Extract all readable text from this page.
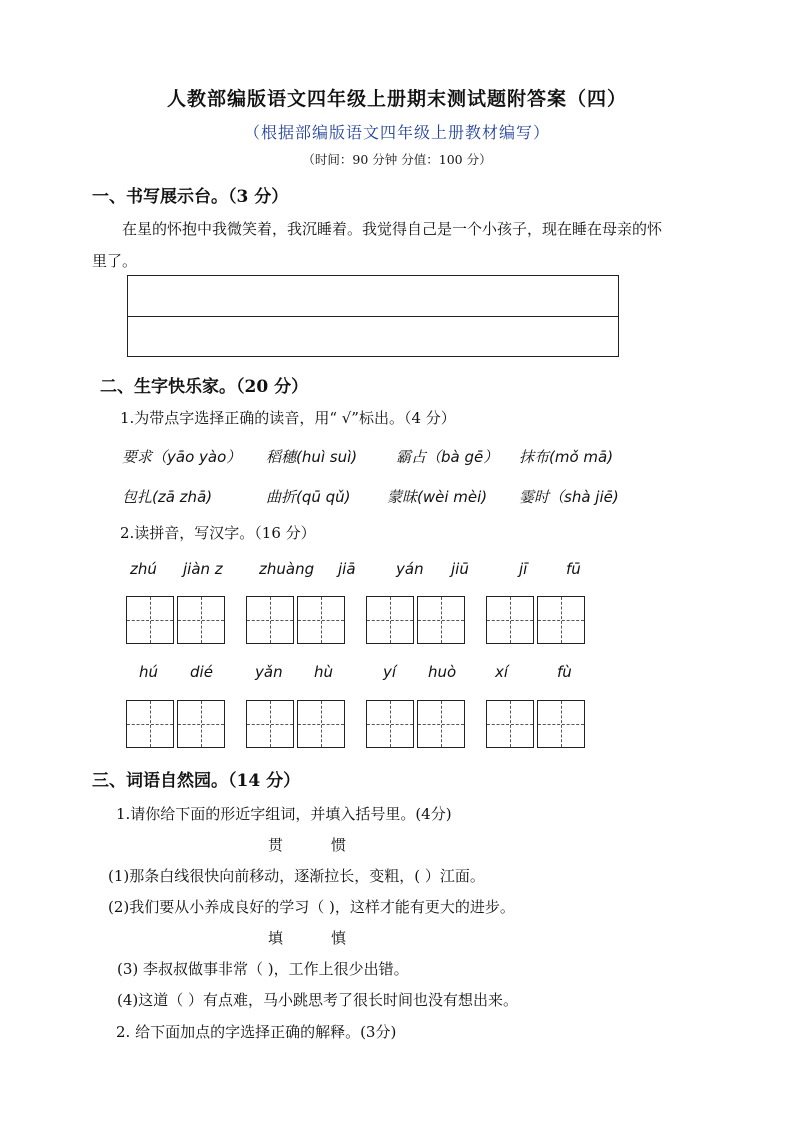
人教部编版语文四年级上册期末测试题附答案（四）
（根据部编版语文四年级上册教材编写）
（时间：90 分钟 分值：100 分）
一、书写展示台。（3 分）
在星的怀抱中我微笑着，我沉睡着。我觉得自己是一个小孩子，现在睡在母亲的怀
里了。
二、生字快乐家。（20 分）
1.为带点字选择正确的读音，用“ √”标出。（4 分）
要求（yāo yào） 稻穗(huì suì)	霸占（bà gē） 抹布(mǒ mā)
包扎(zā zhā)	曲折(qū qǔ) 蒙昧(wèi mèi) 霎时（shà jiē)
2.读拼音，写汉字。（16 分）
zhú jiàn z zhuàng jiā	yán jiū	jī	fū
hú dié	yǎn hù	yí huò	xí	fù
三、词语自然园。（14 分）
1.请你给下面的形近字组词，并填入括号里。(4分)
贯	惯
(1)那条白线很快向前移动，逐渐拉长，变粗，( ）江面。
(2)我们要从小养成良好的学习（ )，这样才能有更大的进步。
填	慎
(3) 李叔叔做事非常（ )，工作上很少出错。
(4)这道（ ）有点难，马小跳思考了很长时间也没有想出来。
2. 给下面加点的字选择正确的解释。(3分)
